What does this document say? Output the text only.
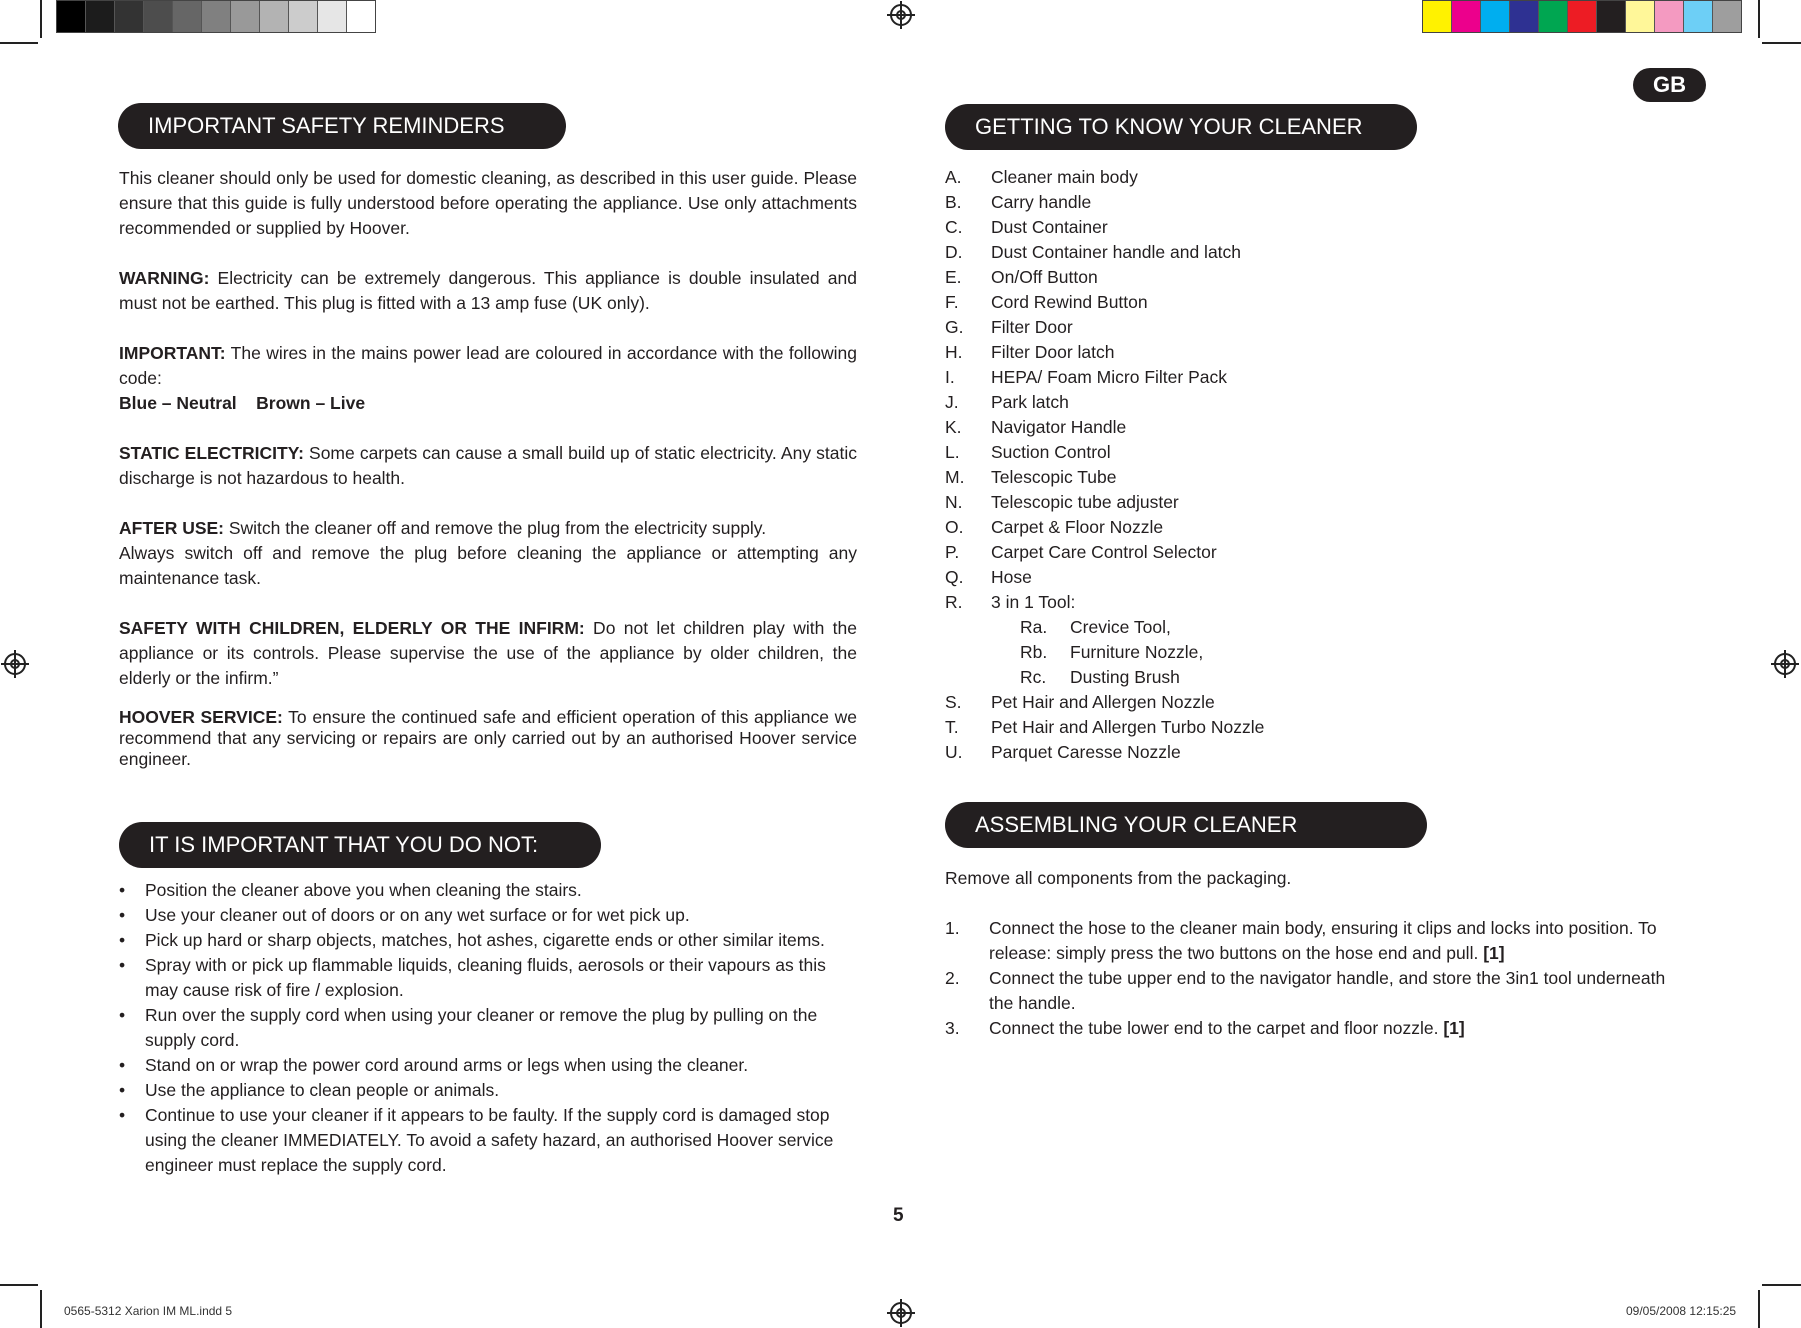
0565-5312 Xarion IM ML.indd 5	09/05/2008 12:15:25
GB
IMPORTANT SAFETY REMINDERS

This cleaner should only be used for domestic cleaning, as described in this user guide. Please ensure that this guide is fully understood before operating the appliance. Use only attachments recommended or supplied by Hoover.

WARNING: Electricity can be extremely dangerous. This appliance is double insulated and must not be earthed. This plug is fitted with a 13 amp fuse (UK only).

IMPORTANT: The wires in the mains power lead are coloured in accordance with the following code:

Blue – Neutral Brown – Live

STATIC ELECTRICITY: Some carpets can cause a small build up of static electricity. Any static discharge is not hazardous to health.

AFTER USE: Switch the cleaner off and remove the plug from the electricity supply.

Always switch off and remove the plug before cleaning the appliance or attempting any maintenance task.

SAFETY WITH CHILDREN, ELDERLY OR THE INFIRM: Do not let children play with the appliance or its controls. Please supervise the use of the appliance by older children, the elderly or the infirm.”

HOOVER SERVICE: To ensure the continued safe and efficient operation of this appliance we recommend that any servicing or repairs are only carried out by an authorised Hoover service engineer.

IT IS IMPORTANT THAT YOU DO NOT:
• Position the cleaner above you when cleaning the stairs.
• Use your cleaner out of doors or on any wet surface or for wet pick up.
• Pick up hard or sharp objects, matches, hot ashes, cigarette ends or other similar items.
• Spray with or pick up flammable liquids, cleaning fluids, aerosols or their vapours as this may cause risk of fire / explosion.
• Run over the supply cord when using your cleaner or remove the plug by pulling on the supply cord.
• Stand on or wrap the power cord around arms or legs when using the cleaner.
• Use the appliance to clean people or animals.
• Continue to use your cleaner if it appears to be faulty. If the supply cord is damaged stop using the cleaner IMMEDIATELY. To avoid a safety hazard, an authorised Hoover service engineer must replace the supply cord.
GETTING TO KNOW YOUR CLEANER
A.	Cleaner main body
B.	Carry handle
C.	Dust Container
D.	Dust Container handle and latch
E.	On/Off Button
F.	Cord Rewind Button
G.	Filter Door
H.	Filter Door latch
I.	HEPA/ Foam Micro Filter Pack
J.	Park latch
K.	Navigator Handle
L.	Suction Control
M.	Telescopic Tube
N.	Telescopic tube adjuster
O.	Carpet & Floor Nozzle
P.	Carpet Care Control Selector
Q.	Hose
R.	3 in 1 Tool:
Ra.	Crevice Tool,
Rb.	Furniture Nozzle,
Rc.	Dusting Brush
S.	Pet Hair and Allergen Nozzle
T.	Pet Hair and Allergen Turbo Nozzle
U.	Parquet Caresse Nozzle
ASSEMBLING YOUR CLEANER

Remove all components from the packaging.

1.	Connect the hose to the cleaner main body, ensuring it clips and locks into position. To release: simply press the two buttons on the hose end and pull. [1]
2.	Connect the tube upper end to the navigator handle, and store the 3in1 tool underneath the handle.
3.	Connect the tube lower end to the carpet and floor nozzle. [1]
5
